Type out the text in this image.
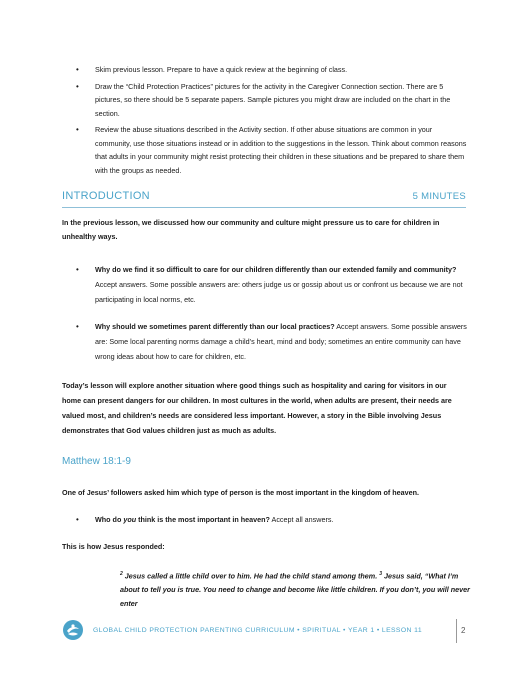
• Skim previous lesson. Prepare to have a quick review at the beginning of class.
• Draw the “Child Protection Practices” pictures for the activity in the Caregiver Connection section. There are 5 pictures, so there should be 5 separate papers. Sample pictures you might draw are included on the chart in the section.
• Review the abuse situations described in the Activity section. If other abuse situations are common in your community, use those situations instead or in addition to the suggestions in the lesson. Think about common reasons that adults in your community might resist protecting their children in these situations and be prepared to share them with the groups as needed.
INTRODUCTION	5 MINUTES
In the previous lesson, we discussed how our community and culture might pressure us to care for children in unhealthy ways.
• Why do we find it so difficult to care for our children differently than our extended family and community? Accept answers. Some possible answers are: others judge us or gossip about us or confront us because we are not participating in local norms, etc.
• Why should we sometimes parent differently than our local practices? Accept answers. Some possible answers are: Some local parenting norms damage a child’s heart, mind and body; sometimes an entire community can have wrong ideas about how to care for children, etc.
Today’s lesson will explore another situation where good things such as hospitality and caring for visitors in our home can present dangers for our children. In most cultures in the world, when adults are present, their needs are valued most, and children’s needs are considered less important. However, a story in the Bible involving Jesus demonstrates that God values children just as much as adults.
Matthew 18:1-9
One of Jesus’ followers asked him which type of person is the most important in the kingdom of heaven.
• Who do you think is the most important in heaven? Accept all answers.
This is how Jesus responded:
$^2$ Jesus called a little child over to him. He had the child stand among them. $^3$ Jesus said, “What I’m about to tell you is true. You need to change and become like little children. If you don’t, you will never enter
GLOBAL CHILD PROTECTION PARENTING CURRICULUM • SPIRITUAL • YEAR 1 • LESSON 11	2
